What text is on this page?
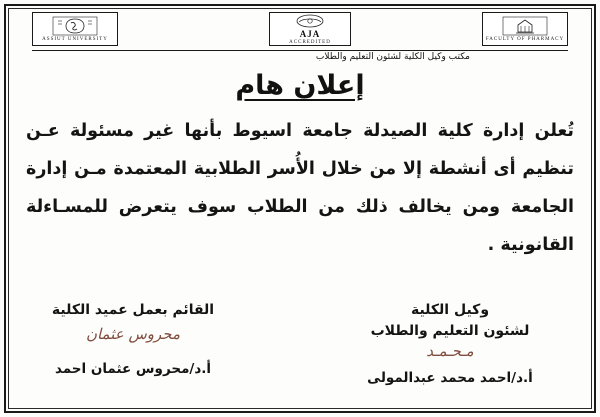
ASSIUT UNIVERSITY
AJA
ACCREDITED
FACULTY OF PHARMACY
مكتب وكيل الكلية لشئون التعليم والطلاب
إعلان هام
تُعلن إدارة كلية الصيدلة جامعة اسيوط بأنها غير مسئولة عـن تنظيم أى أنشطة إلا من خلال الأُسر الطلابية المعتمدة مـن إدارة الجامعة ومن يخالف ذلك من الطلاب سوف يتعرض للمسـاءلة
القانونية .
وكيل الكلية
لشئون التعليم والطلاب
ﻣـﺤـﻤـﺪ
أ.د/احمد محمد عبدالمولى
القائم بعمل عميد الكلية
ﻣﺤﺮﻭﺱ ﻋﺜﻤﺎﻥ
أ.د/محروس عثمان احمد
